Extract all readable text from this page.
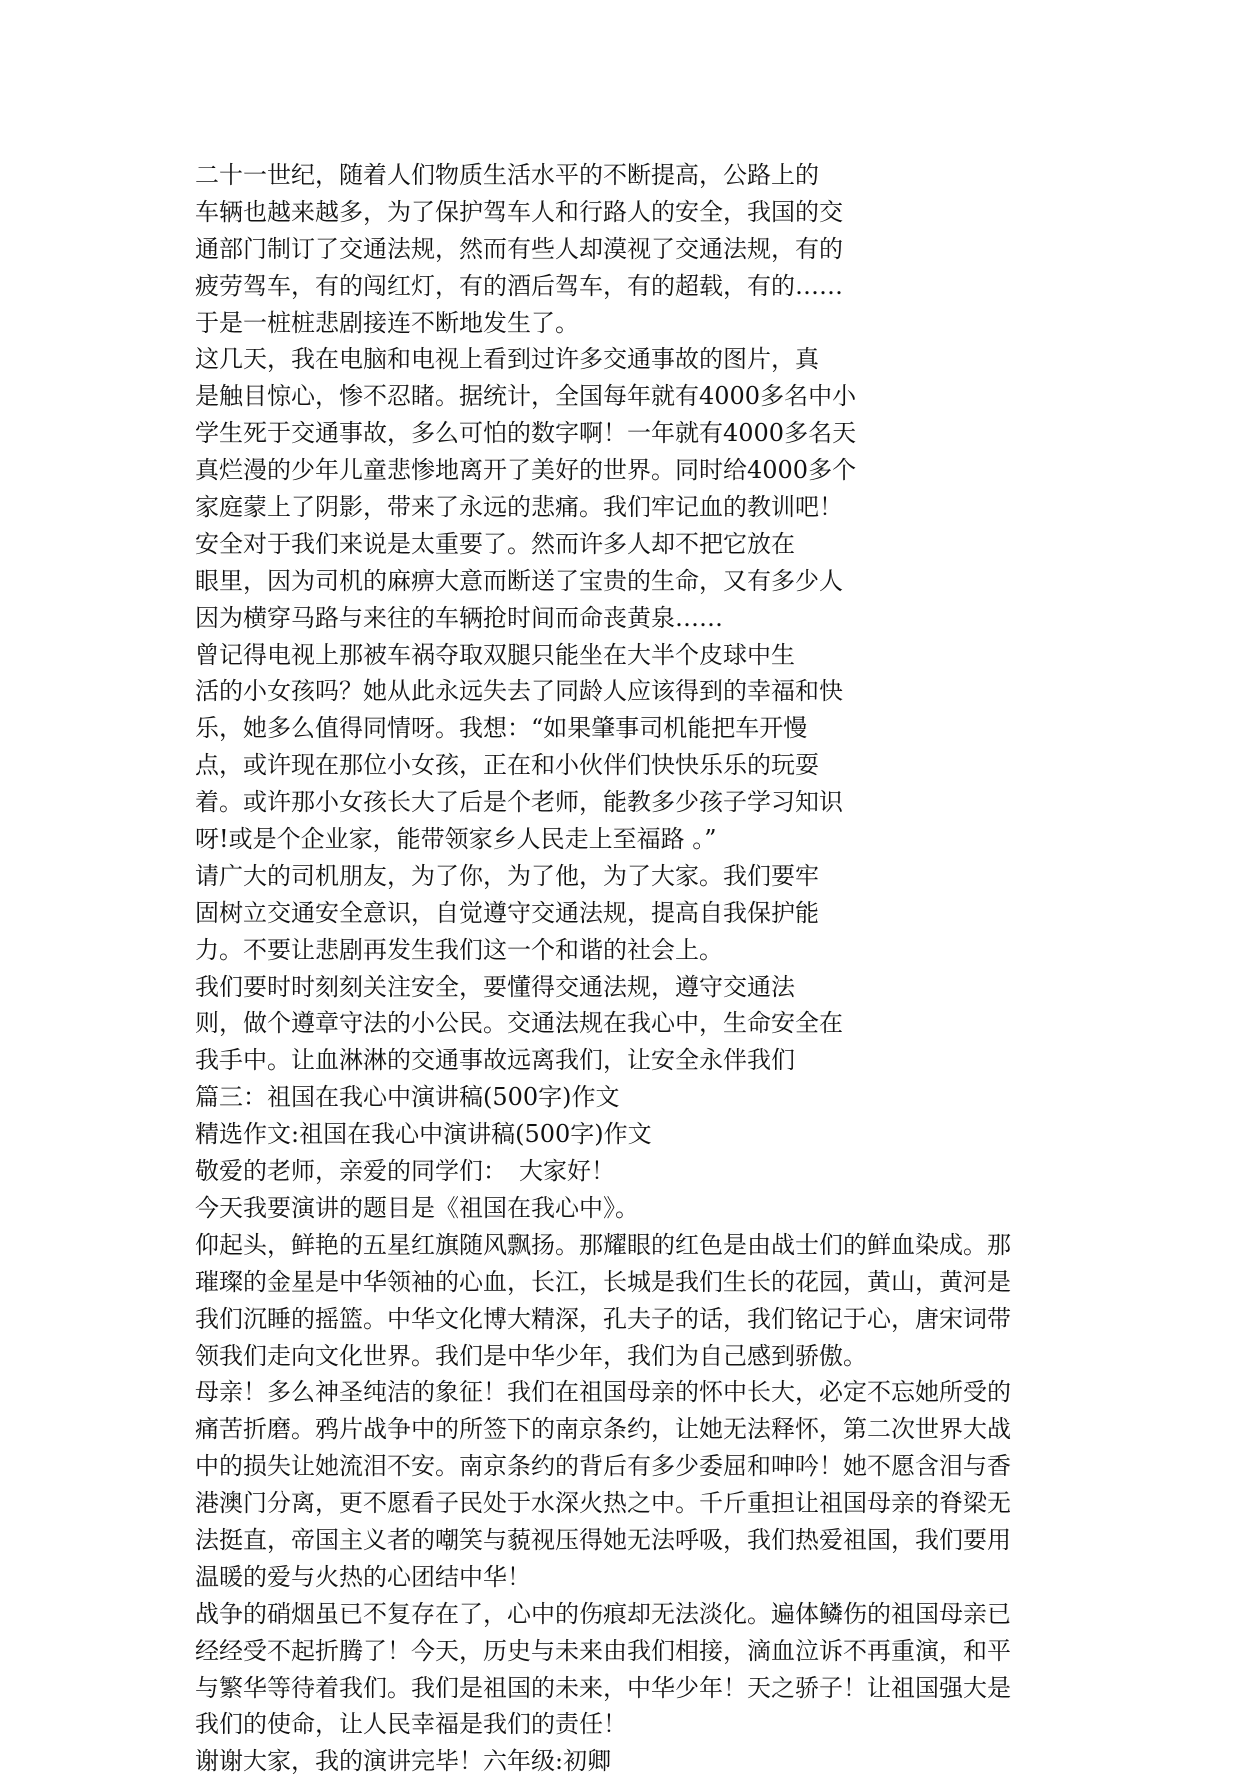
二十一世纪，随着人们物质生活水平的不断提高，公路上的
车辆也越来越多，为了保护驾车人和行路人的安全，我国的交
通部门制订了交通法规，然而有些人却漠视了交通法规，有的
疲劳驾车，有的闯红灯，有的酒后驾车，有的超载，有的……
于是一桩桩悲剧接连不断地发生了。
这几天，我在电脑和电视上看到过许多交通事故的图片，真
是触目惊心，惨不忍睹。据统计，全国每年就有4000多名中小
学生死于交通事故，多么可怕的数字啊！一年就有4000多名天
真烂漫的少年儿童悲惨地离开了美好的世界。同时给4000多个
家庭蒙上了阴影，带来了永远的悲痛。我们牢记血的教训吧！
安全对于我们来说是太重要了。然而许多人却不把它放在
眼里，因为司机的麻痹大意而断送了宝贵的生命，又有多少人
因为横穿马路与来往的车辆抢时间而命丧黄泉……
曾记得电视上那被车祸夺取双腿只能坐在大半个皮球中生
活的小女孩吗？她从此永远失去了同龄人应该得到的幸福和快
乐，她多么值得同情呀。我想：“如果肇事司机能把车开慢
点，或许现在那位小女孩，正在和小伙伴们快快乐乐的玩耍
着。或许那小女孩长大了后是个老师，能教多少孩子学习知识
呀!或是个企业家，能带领家乡人民走上至福路 。”
请广大的司机朋友，为了你，为了他，为了大家。我们要牢
固树立交通安全意识，自觉遵守交通法规，提高自我保护能
力。不要让悲剧再发生我们这一个和谐的社会上。
我们要时时刻刻关注安全，要懂得交通法规，遵守交通法
则，做个遵章守法的小公民。交通法规在我心中，生命安全在
我手中。让血淋淋的交通事故远离我们，让安全永伴我们
篇三：祖国在我心中演讲稿(500字)作文
精选作文:祖国在我心中演讲稿(500字)作文
敬爱的老师，亲爱的同学们：　大家好！
今天我要演讲的题目是《祖国在我心中》。
仰起头，鲜艳的五星红旗随风飘扬。那耀眼的红色是由战士们的鲜血染成。那
璀璨的金星是中华领袖的心血，长江，长城是我们生长的花园，黄山，黄河是
我们沉睡的摇篮。中华文化博大精深，孔夫子的话，我们铭记于心，唐宋词带
领我们走向文化世界。我们是中华少年，我们为自己感到骄傲。
母亲！多么神圣纯洁的象征！我们在祖国母亲的怀中长大，必定不忘她所受的
痛苦折磨。鸦片战争中的所签下的南京条约，让她无法释怀，第二次世界大战
中的损失让她流泪不安。南京条约的背后有多少委屈和呻吟！她不愿含泪与香
港澳门分离，更不愿看子民处于水深火热之中。千斤重担让祖国母亲的脊梁无
法挺直，帝国主义者的嘲笑与藐视压得她无法呼吸，我们热爱祖国，我们要用
温暖的爱与火热的心团结中华！
战争的硝烟虽已不复存在了，心中的伤痕却无法淡化。遍体鳞伤的祖国母亲已
经经受不起折腾了！今天，历史与未来由我们相接，滴血泣诉不再重演，和平
与繁华等待着我们。我们是祖国的未来，中华少年！天之骄子！让祖国强大是
我们的使命，让人民幸福是我们的责任！
谢谢大家，我的演讲完毕！六年级:初卿
